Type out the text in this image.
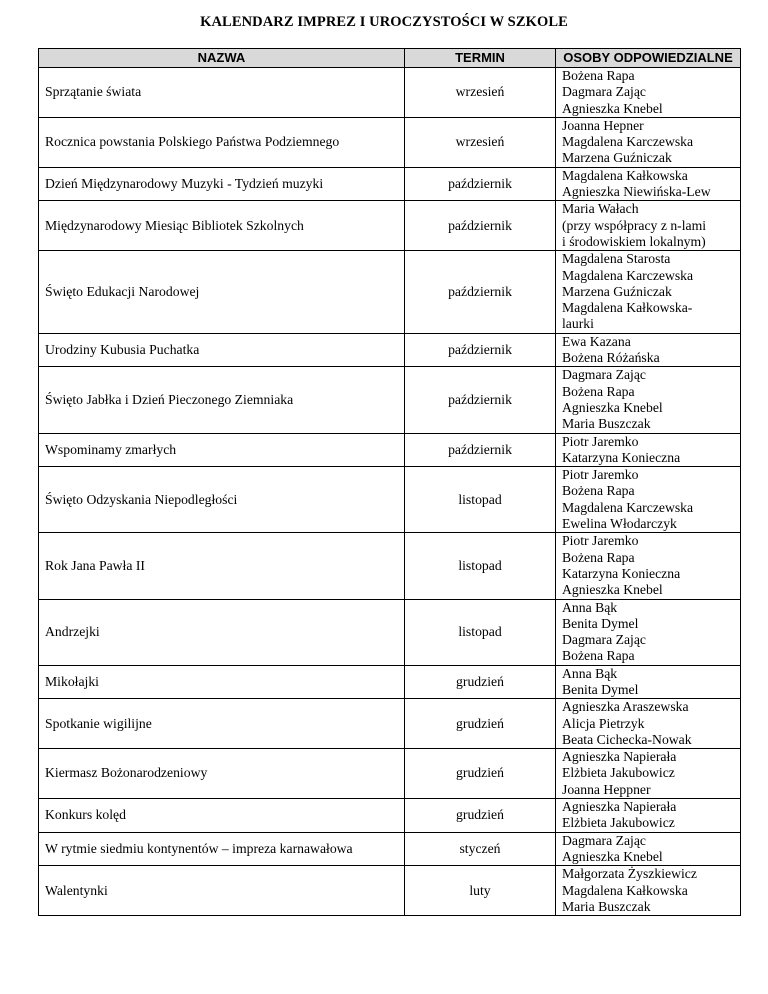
KALENDARZ IMPREZ I UROCZYSTOŚCI W SZKOLE
NAZWA	TERMIN	OSOBY ODPOWIEDZIALNE
Sprzątanie świata	wrzesień	Bożena Rapa
Dagmara Zając
Agnieszka Knebel

Rocznica powstania Polskiego Państwa Podziemnego	wrzesień	Joanna Hepner
Magdalena Karczewska
Marzena Guźniczak

Dzień Międzynarodowy Muzyki - Tydzień muzyki	październik	Magdalena Kałkowska
Agnieszka Niewińska-Lew

Międzynarodowy Miesiąc Bibliotek Szkolnych	październik	Maria Wałach
(przy współpracy z n-lami
i środowiskiem lokalnym)

Święto Edukacji Narodowej	październik	Magdalena Starosta
Magdalena Karczewska
Marzena Guźniczak
Magdalena Kałkowska-
laurki

Urodziny Kubusia Puchatka	październik	Ewa Kazana
Bożena Różańska

Święto Jabłka i Dzień Pieczonego Ziemniaka	październik	Dagmara Zając
Bożena Rapa
Agnieszka Knebel
Maria Buszczak

Wspominamy zmarłych	październik	Piotr Jaremko
Katarzyna Konieczna

Święto Odzyskania Niepodległości	listopad	Piotr Jaremko
Bożena Rapa
Magdalena Karczewska
Ewelina Włodarczyk

Rok Jana Pawła II	listopad	Piotr Jaremko
Bożena Rapa
Katarzyna Konieczna
Agnieszka Knebel

Andrzejki	listopad	Anna Bąk
Benita Dymel
Dagmara Zając
Bożena Rapa

Mikołajki	grudzień	Anna Bąk
Benita Dymel

Spotkanie wigilijne	grudzień	Agnieszka Araszewska
Alicja Pietrzyk
Beata Cichecka-Nowak

Kiermasz Bożonarodzeniowy	grudzień	Agnieszka Napierała
Elżbieta Jakubowicz
Joanna Heppner

Konkurs kolęd	grudzień	Agnieszka Napierała
Elżbieta Jakubowicz

W rytmie siedmiu kontynentów – impreza karnawałowa	styczeń	Dagmara Zając
Agnieszka Knebel

Walentynki	luty	Małgorzata Żyszkiewicz
Magdalena Kałkowska
Maria Buszczak
